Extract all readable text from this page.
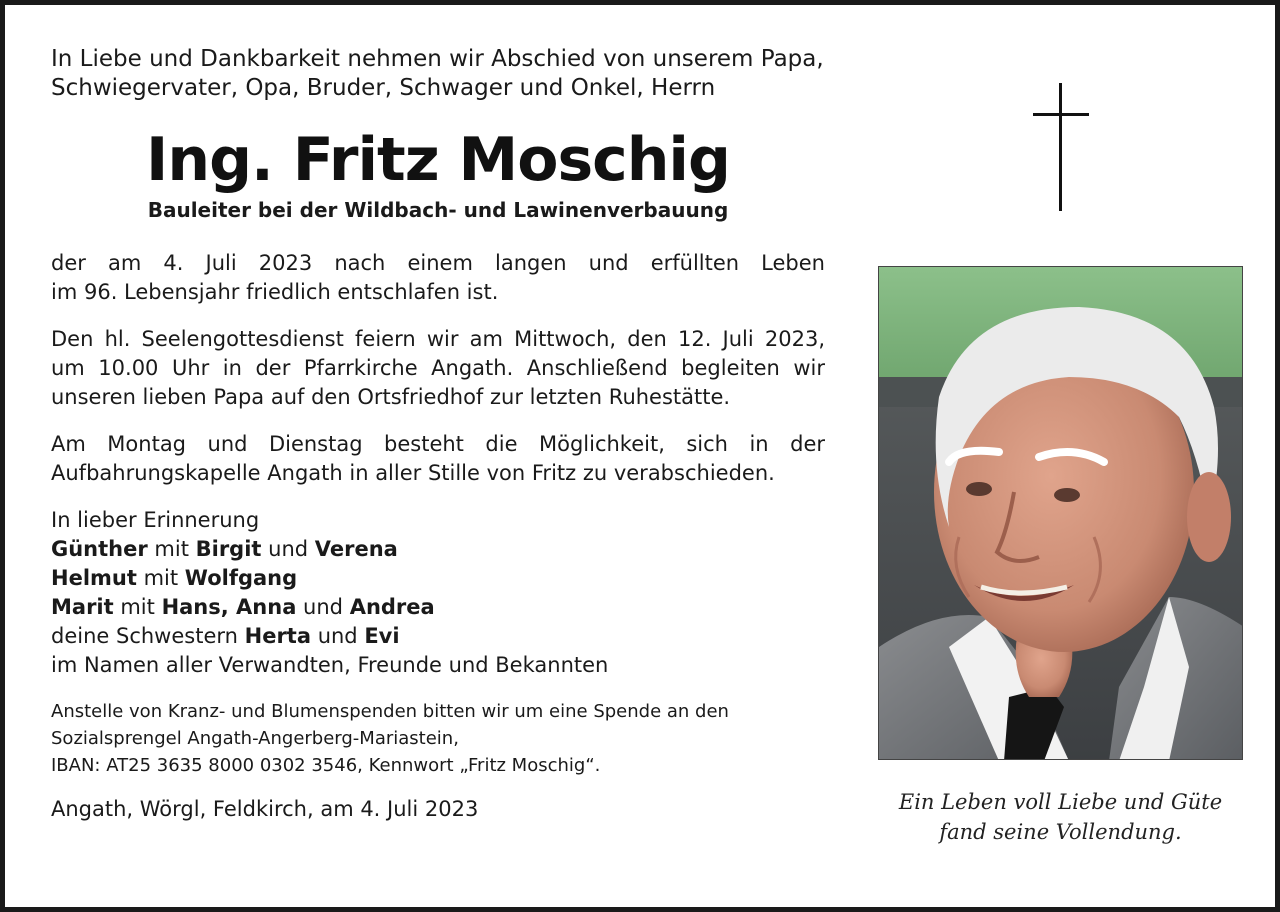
In Liebe und Dankbarkeit nehmen wir Abschied von unserem Papa,
Schwiegervater, Opa, Bruder, Schwager und Onkel, Herrn

Ing. Fritz Moschig

Bauleiter bei der Wildbach- und Lawinenverbauung

der am 4. Juli 2023 nach einem langen und erfüllten Leben

im 96. Lebensjahr friedlich entschlafen ist.

Den hl. Seelengottesdienst feiern wir am Mittwoch, den 12. Juli 2023,

um 10.00 Uhr in der Pfarrkirche Angath. Anschließend begleiten wir

unseren lieben Papa auf den Ortsfriedhof zur letzten Ruhestätte.

Am Montag und Dienstag besteht die Möglichkeit, sich in der

Aufbahrungskapelle Angath in aller Stille von Fritz zu verabschieden.

In lieber Erinnerung

Günther mit Birgit und Verena

Helmut mit Wolfgang

Marit mit Hans, Anna und Andrea

deine Schwestern Herta und Evi

im Namen aller Verwandten, Freunde und Bekannten

Anstelle von Kranz- und Blumenspenden bitten wir um eine Spende an den
Sozialsprengel Angath-Angerberg-Mariastein,
IBAN: AT25 3635 8000 0302 3546, Kennwort „Fritz Moschig“.

Angath, Wörgl, Feldkirch, am 4. Juli 2023	Ein Leben voll Liebe und Güte

fand seine Vollendung.
